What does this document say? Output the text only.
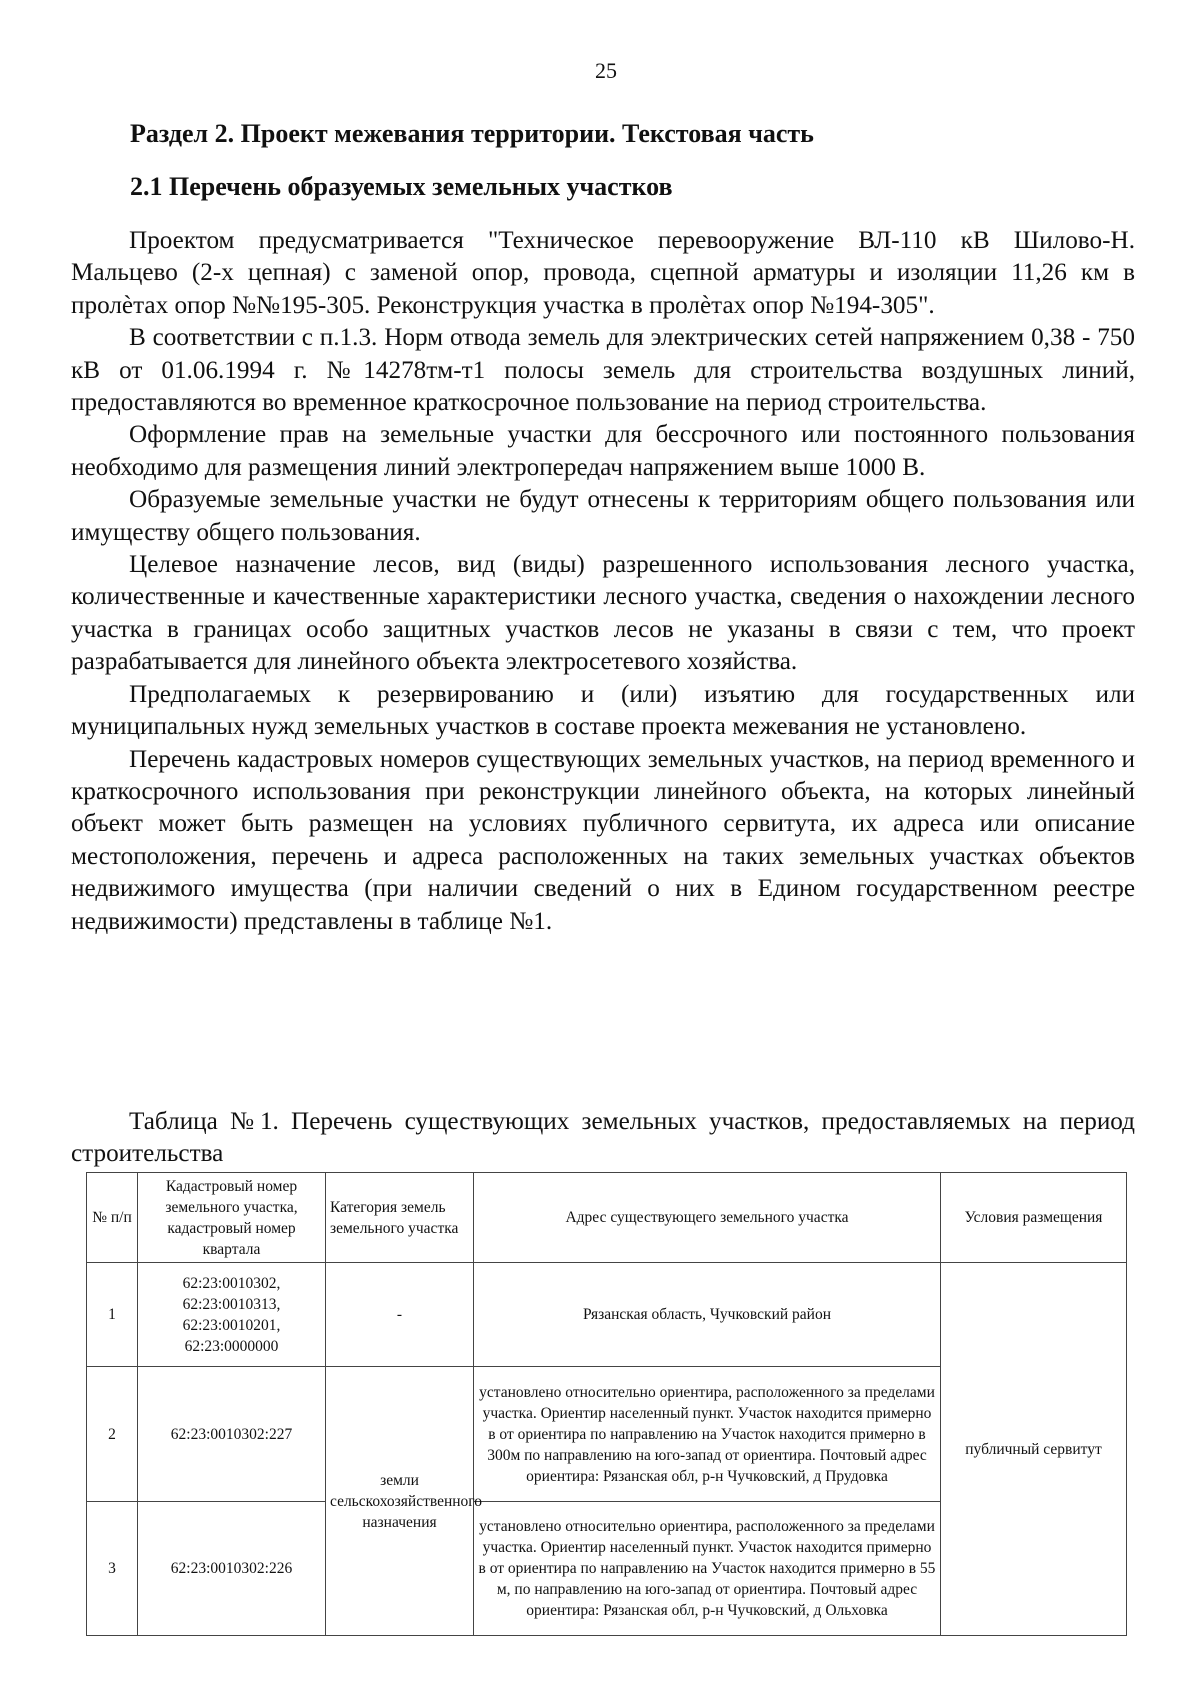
25
Раздел 2. Проект межевания территории. Текстовая часть
2.1 Перечень образуемых земельных участков

Проектом предусматривается "Техническое перевооружение ВЛ-110 кВ Шилово-Н. Мальцево (2-х цепная) с заменой опор, провода, сцепной арматуры и изоляции 11,26 км в пролѐтах опор №№195-305. Реконструкция участка в пролѐтах опор №194-305".

В соответствии с п.1.3. Норм отвода земель для электрических сетей напряжением 0,38 - 750 кВ от 01.06.1994 г. №14278тм-т1 полосы земель для строительства воздушных линий, предоставляются во временное краткосрочное пользование на период строительства.

Оформление прав на земельные участки для бессрочного или постоянного пользования необходимо для размещения линий электропередач напряжением выше 1000 В.

Образуемые земельные участки не будут отнесены к территориям общего пользования или имуществу общего пользования.

Целевое назначение лесов, вид (виды) разрешенного использования лесного участка, количественные и качественные характеристики лесного участка, сведения о нахождении лесного участка в границах особо защитных участков лесов не указаны в связи с тем, что проект разрабатывается для линейного объекта электросетевого хозяйства.

Предполагаемых к резервированию и (или) изъятию для государственных или муниципальных нужд земельных участков в составе проекта межевания не установлено.

Перечень кадастровых номеров существующих земельных участков, на период временного и краткосрочного использования при реконструкции линейного объекта, на которых линейный объект может быть размещен на условиях публичного сервитута, их адреса или описание местоположения, перечень и адреса расположенных на таких земельных участках объектов недвижимого имущества (при наличии сведений о них в Едином государственном реестре недвижимости) представлены в таблице №1.

Таблица №1. Перечень существующих земельных участков, предоставляемых на период строительства
№ п/п	Кадастровый номер земельного участка, кадастровый номер квартала	Категория земель земельного участка	Адрес существующего земельного участка	Условия размещения
1	62:23:0010302,
62:23:0010313,
62:23:0010201,
62:23:0000000	-	Рязанская область, Чучковский район	публичный сервитут
2	62:23:0010302:227	земли сельскохозяйственного назначения	установлено относительно ориентира, расположенного за пределами участка. Ориентир населенный пункт. Участок находится примерно в от ориентира по направлению на Участок находится примерно в 300м по направлению на юго-запад от ориентира. Почтовый адрес ориентира: Рязанская обл, р-н Чучковский, д Прудовка	
3	62:23:0010302:226		установлено относительно ориентира, расположенного за пределами участка. Ориентир населенный пункт. Участок находится примерно в от ориентира по направлению на Участок находится примерно в 55 м, по направлению на юго-запад от ориентира. Почтовый адрес ориентира: Рязанская обл, р-н Чучковский, д Ольховка	
